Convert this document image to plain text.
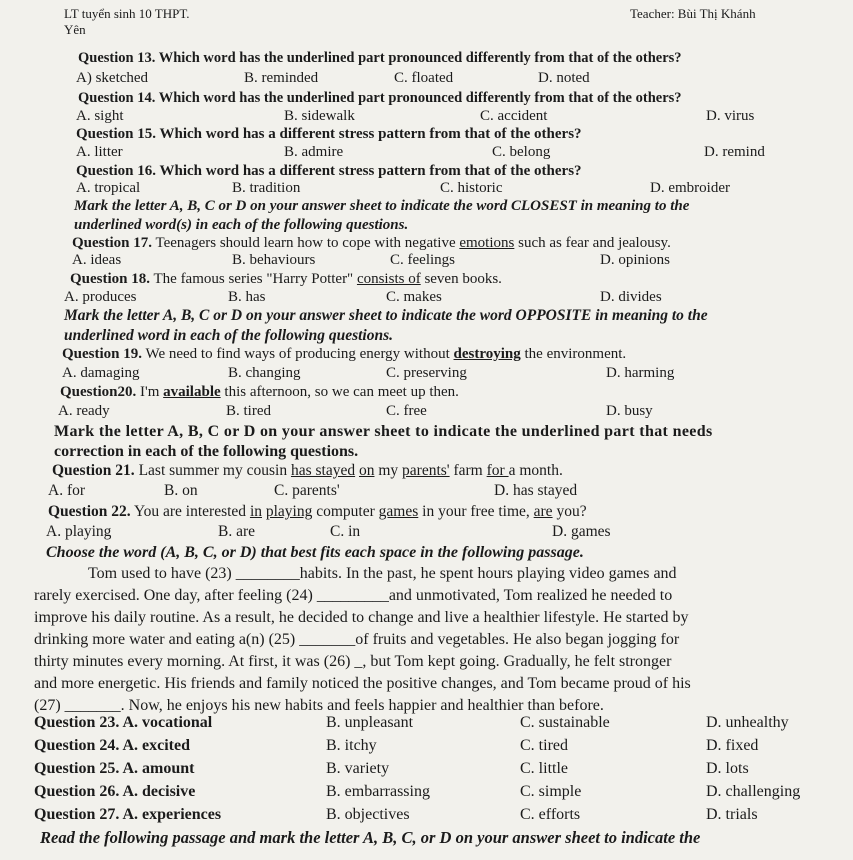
LT tuyển sinh 10 THPT.
Yên
Teacher: Bùi Thị Khánh
Question 13. Which word has the underlined part pronounced differently from that of the others?
A) sketched	B. reminded	C. floated	D. noted
Question 14. Which word has the underlined part pronounced differently from that of the others?
A. sight	B. sidewalk	C. accident	D. virus
Question 15. Which word has a different stress pattern from that of the others?
A. litter	B. admire	C. belong	D. remind
Question 16. Which word has a different stress pattern from that of the others?
A. tropical	B. tradition	C. historic	D. embroider
Mark the letter A, B, C or D on your answer sheet to indicate the word CLOSEST in meaning to the
underlined word(s) in each of the following questions.
Question 17. Teenagers should learn how to cope with negative emotions such as fear and jealousy.
A. ideas	B. behaviours	C. feelings	D. opinions
Question 18. The famous series "Harry Potter" consists of seven books.
A. produces	B. has	C. makes	D. divides
Mark the letter A, B, C or D on your answer sheet to indicate the word OPPOSITE in meaning to the
underlined word in each of the following questions.
Question 19. We need to find ways of producing energy without destroying the environment.
A. damaging	B. changing	C. preserving	D. harming
Question20. I'm available this afternoon, so we can meet up then.
A. ready	B. tired	C. free	D. busy
Mark the letter A, B, C or D on your answer sheet to indicate the underlined part that needs
correction in each of the following questions.
Question 21. Last summer my cousin has stayed on my parents' farm for a month.
A. for	B. on	C. parents'	D. has stayed
Question 22. You are interested in playing computer games in your free time, are you?
A. playing	B. are	C. in	D. games
Choose the word (A, B, C, or D) that best fits each space in the following passage.
Tom used to have (23) ________habits. In the past, he spent hours playing video games and
rarely exercised. One day, after feeling (24) _________and unmotivated, Tom realized he needed to
improve his daily routine. As a result, he decided to change and live a healthier lifestyle. He started by
drinking more water and eating a(n) (25) _______of fruits and vegetables. He also began jogging for
thirty minutes every morning. At first, it was (26) _, but Tom kept going. Gradually, he felt stronger
and more energetic. His friends and family noticed the positive changes, and Tom became proud of his
(27) _______. Now, he enjoys his new habits and feels happier and healthier than before.
Question 23. A. vocational	B. unpleasant	C. sustainable	D. unhealthy
Question 24. A. excited	B. itchy	C. tired	D. fixed
Question 25. A. amount	B. variety	C. little	D. lots
Question 26. A. decisive	B. embarrassing	C. simple	D. challenging
Question 27. A. experiences	B. objectives	C. efforts	D. trials
Read the following passage and mark the letter A, B, C, or D on your answer sheet to indicate the
